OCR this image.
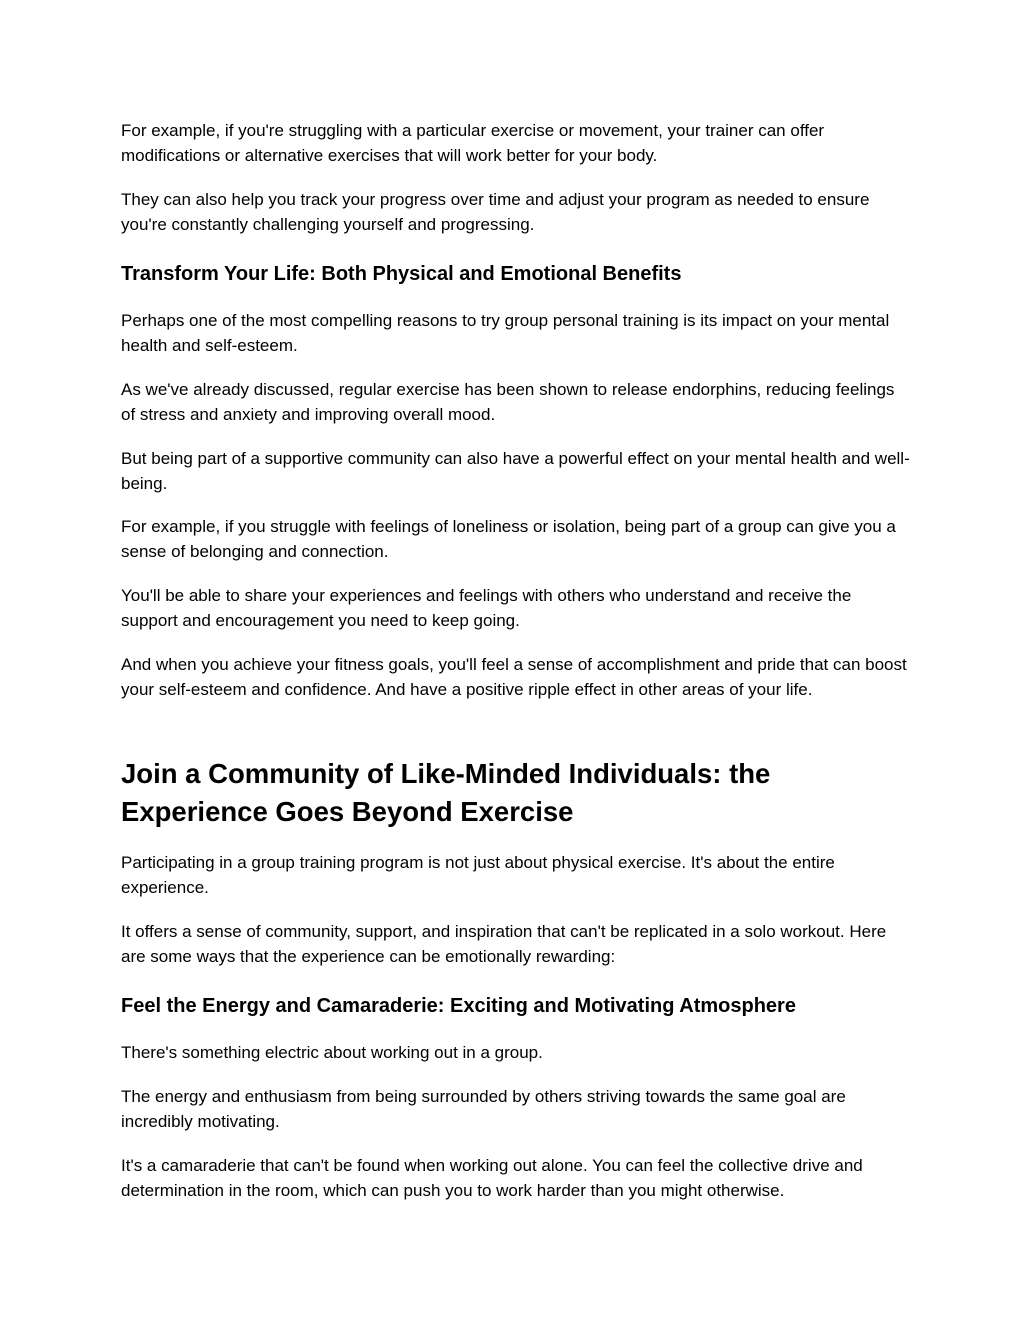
For example, if you're struggling with a particular exercise or movement, your trainer can offer modifications or alternative exercises that will work better for your body.

They can also help you track your progress over time and adjust your program as needed to ensure you're constantly challenging yourself and progressing.

Transform Your Life: Both Physical and Emotional Benefits

Perhaps one of the most compelling reasons to try group personal training is its impact on your mental health and self-esteem.

As we've already discussed, regular exercise has been shown to release endorphins, reducing feelings of stress and anxiety and improving overall mood.

But being part of a supportive community can also have a powerful effect on your mental health and well-being.

For example, if you struggle with feelings of loneliness or isolation, being part of a group can give you a sense of belonging and connection.

You'll be able to share your experiences and feelings with others who understand and receive the support and encouragement you need to keep going.

And when you achieve your fitness goals, you'll feel a sense of accomplishment and pride that can boost your self-esteem and confidence. And have a positive ripple effect in other areas of your life.

Join a Community of Like-Minded Individuals: the Experience Goes Beyond Exercise

Participating in a group training program is not just about physical exercise. It's about the entire experience.

It offers a sense of community, support, and inspiration that can't be replicated in a solo workout. Here are some ways that the experience can be emotionally rewarding:

Feel the Energy and Camaraderie: Exciting and Motivating Atmosphere

There's something electric about working out in a group.

The energy and enthusiasm from being surrounded by others striving towards the same goal are incredibly motivating.

It's a camaraderie that can't be found when working out alone. You can feel the collective drive and determination in the room, which can push you to work harder than you might otherwise.
